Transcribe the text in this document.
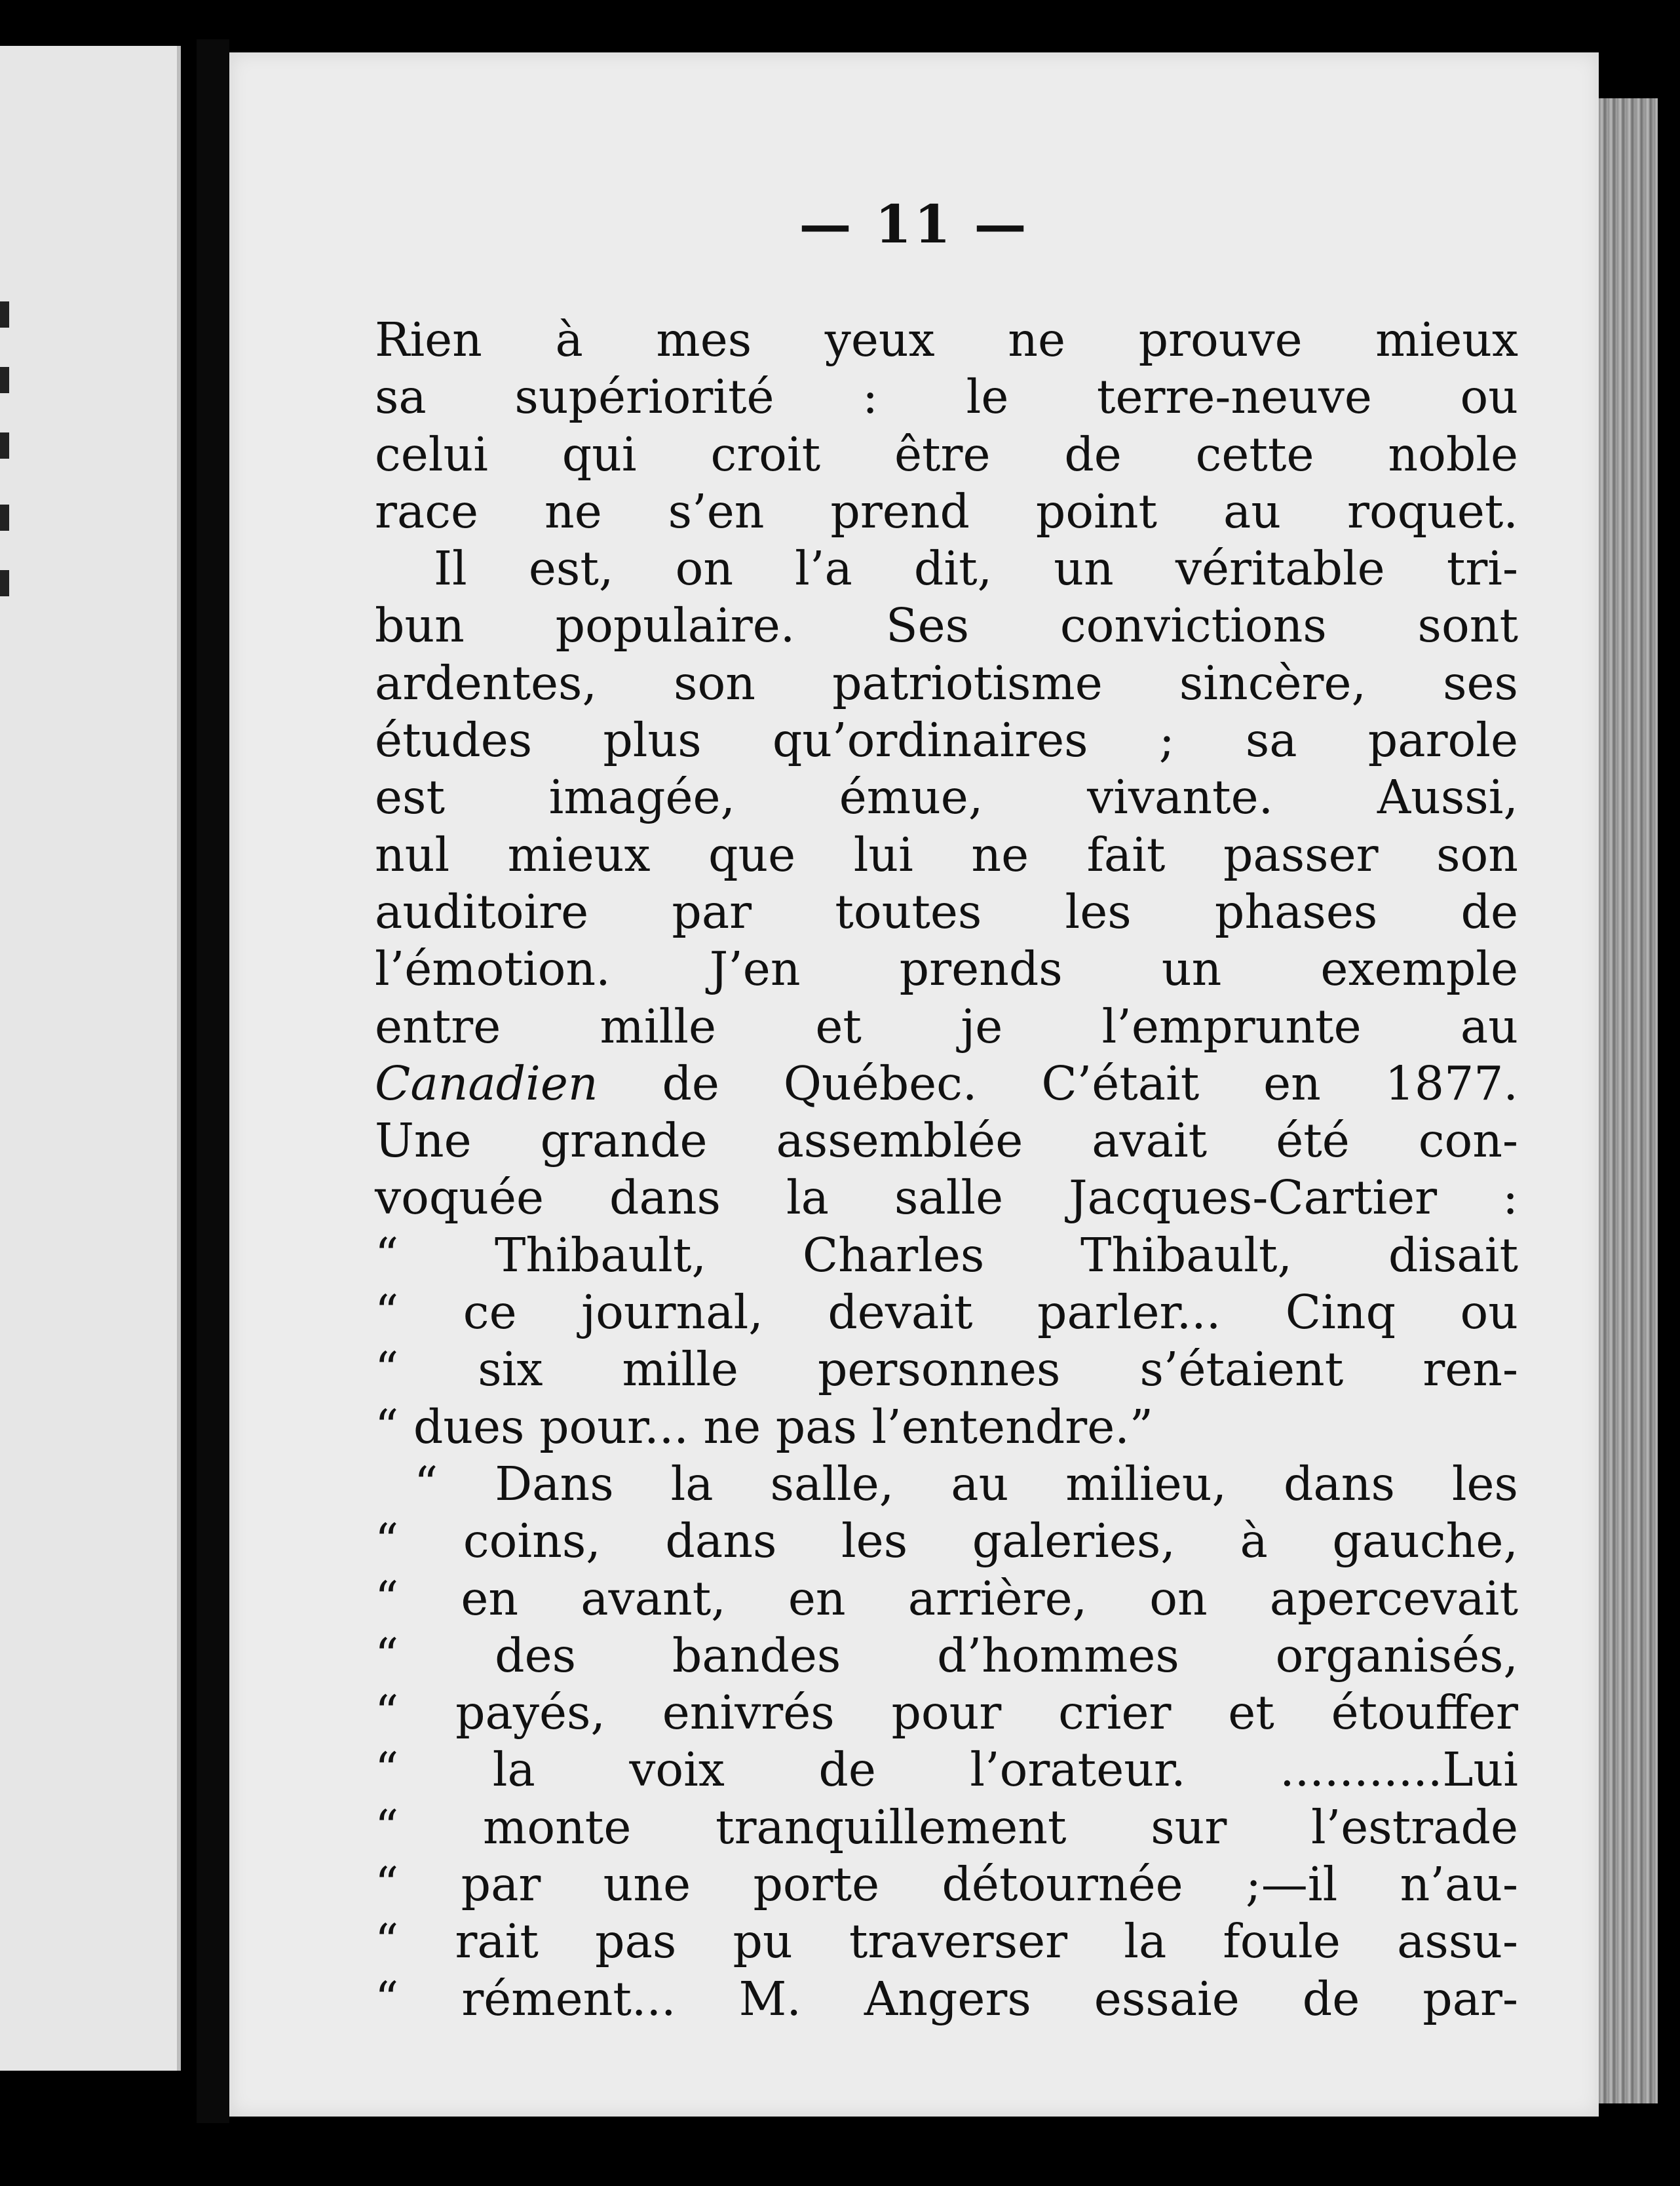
— 11 —
Rien à mes yeux ne prouve mieux
sa supériorité : le terre-neuve ou
celui qui croit être de cette noble
race ne s’en prend point au roquet.
Il est, on l’a dit, un véritable tri-
bun populaire. Ses convictions sont
ardentes, son patriotisme sincère, ses
études plus qu’ordinaires ; sa parole
est imagée, émue, vivante. Aussi,
nul mieux que lui ne fait passer son
auditoire par toutes les phases de
l’émotion. J’en prends un exemple
entre mille et je l’emprunte au
Canadien de Québec. C’était en 1877.
Une grande assemblée avait été con-
voquée dans la salle Jacques-Cartier :
“ Thibault, Charles Thibault, disait
“ ce journal, devait parler... Cinq ou
“ six mille personnes s’étaient ren-
“ dues pour... ne pas l’entendre.”
“ Dans la salle, au milieu, dans les
“ coins, dans les galeries, à gauche,
“ en avant, en arrière, on apercevait
“ des bandes d’hommes organisés,
“ payés, enivrés pour crier et étouffer
“ la voix de l’orateur. ...........Lui
“ monte tranquillement sur l’estrade
“ par une porte détournée ;—il n’au-
“ rait pas pu traverser la foule assu-
“ rément... M. Angers essaie de par-
